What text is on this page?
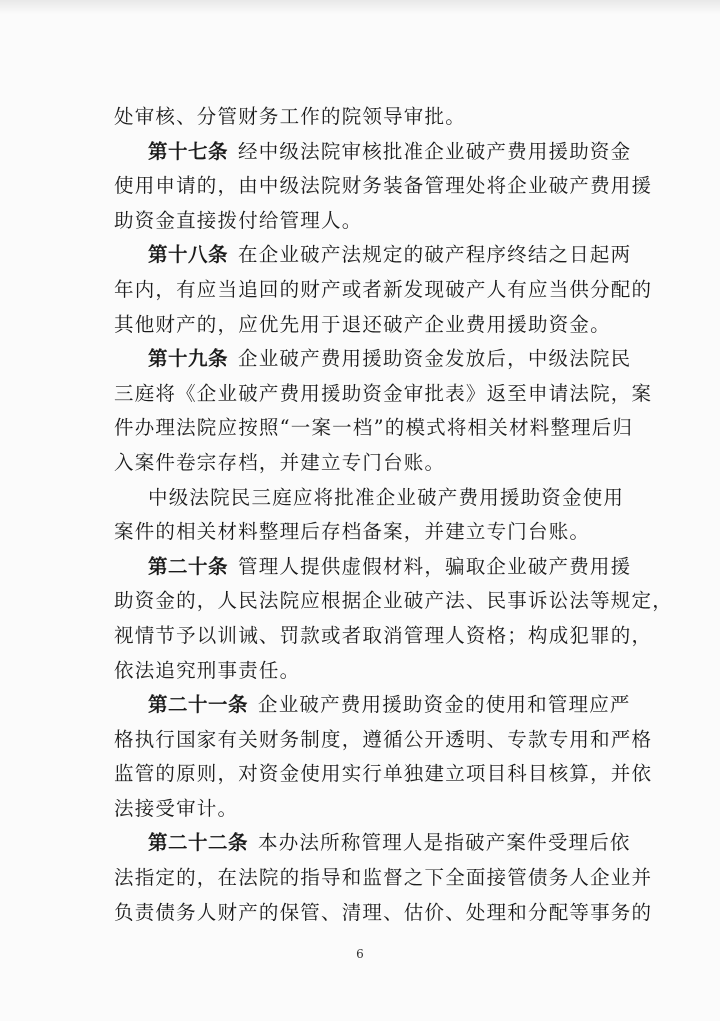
处审核、分管财务工作的院领导审批。
第十七条 经中级法院审核批准企业破产费用援助资金
使用申请的，由中级法院财务装备管理处将企业破产费用援
助资金直接拨付给管理人。
第十八条 在企业破产法规定的破产程序终结之日起两
年内，有应当追回的财产或者新发现破产人有应当供分配的
其他财产的，应优先用于退还破产企业费用援助资金。
第十九条 企业破产费用援助资金发放后，中级法院民
三庭将《企业破产费用援助资金审批表》返至申请法院，案
件办理法院应按照“一案一档”的模式将相关材料整理后归
入案件卷宗存档，并建立专门台账。
中级法院民三庭应将批准企业破产费用援助资金使用
案件的相关材料整理后存档备案，并建立专门台账。
第二十条 管理人提供虚假材料，骗取企业破产费用援
助资金的，人民法院应根据企业破产法、民事诉讼法等规定，
视情节予以训诫、罚款或者取消管理人资格；构成犯罪的，
依法追究刑事责任。
第二十一条 企业破产费用援助资金的使用和管理应严
格执行国家有关财务制度，遵循公开透明、专款专用和严格
监管的原则，对资金使用实行单独建立项目科目核算，并依
法接受审计。
第二十二条 本办法所称管理人是指破产案件受理后依
法指定的，在法院的指导和监督之下全面接管债务人企业并
负责债务人财产的保管、清理、估价、处理和分配等事务的
6
